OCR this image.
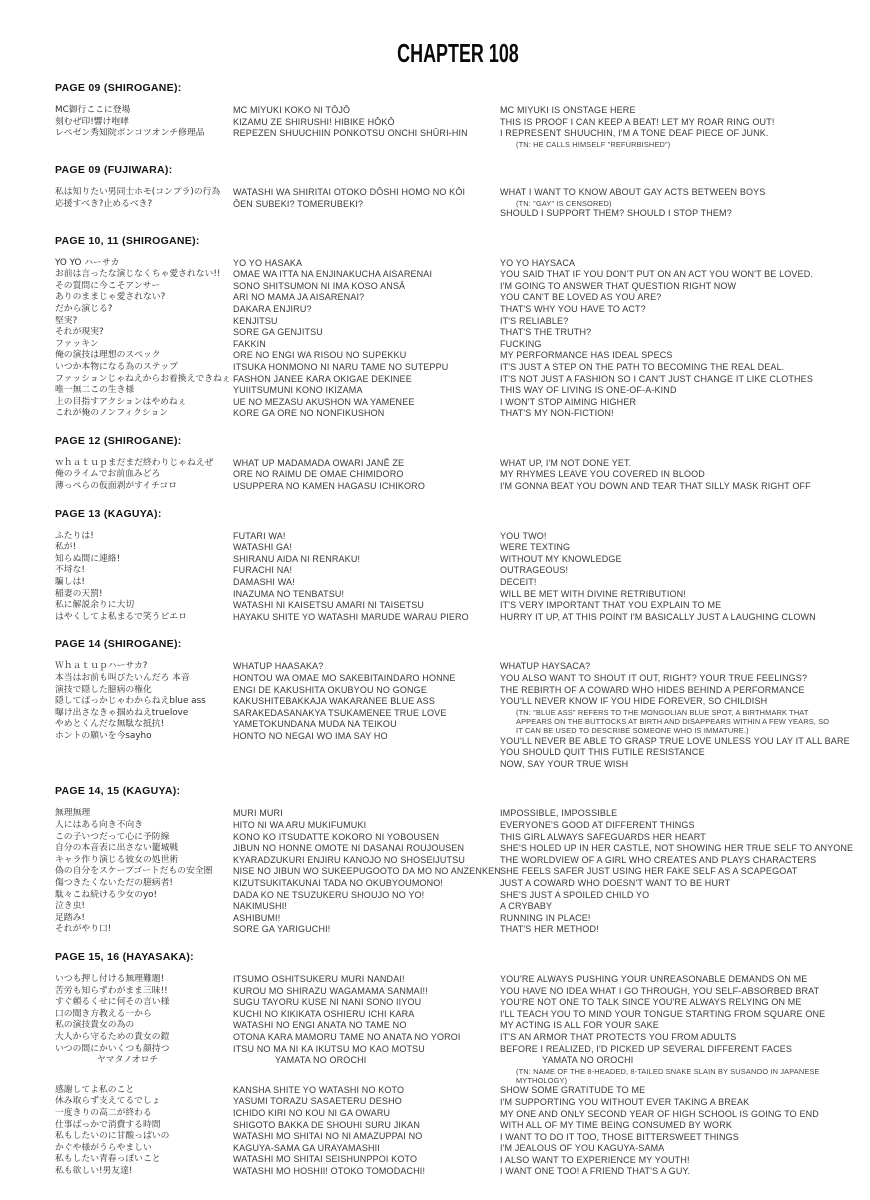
CHAPTER 108
PAGE 09 (SHIROGANE):
MC御行ここに登場
刻むぜ印!響け咆哮
レペゼン秀知院ポンコツオンチ修理品
MC MIYUKI KOKO NI TŌJŌ
KIZAMU ZE SHIRUSHI! HIBIKE HŌKŌ
REPEZEN SHUUCHIIN PONKOTSU ONCHI SHŪRI-HIN
MC MIYUKI IS ONSTAGE HERE
THIS IS PROOF I CAN KEEP A BEAT! LET MY ROAR RING OUT!
I REPRESENT SHUUCHIN, I'M A TONE DEAF PIECE OF JUNK.
(TN: HE CALLS HIMSELF "REFURBISHED")
PAGE 09 (FUJIWARA):
私は知りたい男同士ホモ(コンプラ)の行為
応援すべき?止めるべき?
WATASHI WA SHIRITAI OTOKO DŌSHI HOMO NO KŌI
ŌEN SUBEKI? TOMERUBEKI?
WHAT I WANT TO KNOW ABOUT GAY ACTS BETWEEN BOYS
(TN: "GAY" IS CENSORED)
SHOULD I SUPPORT THEM? SHOULD I STOP THEM?
PAGE 10, 11 (SHIROGANE):
YO YO ハーサカ
お前は言ったな演じなくちゃ愛されない!!
その質問に今こそアンサー
ありのままじゃ愛されない?
だから演じる?
堅実?
それが現実?
ファッキン
俺の演技は理想のスペック
いつか本物になる為のステップ
ファッションじゃねえからお着換えできねぇ
唯一無二この生き様
上の目指すアクションはやめねぇ
これが俺のノンフィクション
YO YO HASAKA
OMAE WA ITTA NA ENJINAKUCHA AISARENAI
SONO SHITSUMON NI IMA KOSO ANSĀ
ARI NO MAMA JA AISARENAI?
DAKARA ENJIRU?
KENJITSU
SORE GA GENJITSU
FAKKIN
ORE NO ENGI WA RISOU NO SUPEKKU
ITSUKA HONMONO NI NARU TAME NO SUTEPPU
FASHON JANEE KARA OKIGAE DEKINEE
YUIITSUMUNI KONO IKIZAMA
UE NO MEZASU AKUSHON WA YAMENEE
KORE GA ORE NO NONFIKUSHON
YO YO HAYSACA
YOU SAID THAT IF YOU DON'T PUT ON AN ACT YOU WON'T BE LOVED.
I'M GOING TO ANSWER THAT QUESTION RIGHT NOW
YOU CAN'T BE LOVED AS YOU ARE?
THAT'S WHY YOU HAVE TO ACT?
IT'S RELIABLE?
THAT'S THE TRUTH?
FUCKING
MY PERFORMANCE HAS IDEAL SPECS
IT'S JUST A STEP ON THE PATH TO BECOMING THE REAL DEAL.
IT'S NOT JUST A FASHION SO I CAN'T JUST CHANGE IT LIKE CLOTHES
THIS WAY OF LIVING IS ONE-OF-A-KIND
I WON'T STOP AIMING HIGHER
THAT'S MY NON-FICTION!
PAGE 12 (SHIROGANE):
ｗｈａｔｕｐまだまだ終わりじゃねえぜ
俺のライムでお前血みどろ
薄っぺらの仮面剥がすイチコロ
WHAT UP MADAMADA OWARI JANĒ ZE
ORE NO RAIMU DE OMAE CHIMIDORO
USUPPERA NO KAMEN HAGASU ICHIKORO
WHAT UP, I'M NOT DONE YET.
MY RHYMES LEAVE YOU COVERED IN BLOOD
I'M GONNA BEAT YOU DOWN AND TEAR THAT SILLY MASK RIGHT OFF
PAGE 13 (KAGUYA):
ふたりは!
私が!
知らぬ間に連絡!
不埒な!
騙しは!
稲妻の天罰!
私に解説余りに大切
はやくしてよ私まるで笑うピエロ
FUTARI WA!
WATASHI GA!
SHIRANU AIDA NI RENRAKU!
FURACHI NA!
DAMASHI WA!
INAZUMA NO TENBATSU!
WATASHI NI KAISETSU AMARI NI TAISETSU
HAYAKU SHITE YO WATASHI MARUDE WARAU PIERO
YOU TWO!
WERE TEXTING
WITHOUT MY KNOWLEDGE
OUTRAGEOUS!
DECEIT!
WILL BE MET WITH DIVINE RETRIBUTION!
IT'S VERY IMPORTANT THAT YOU EXPLAIN TO ME
HURRY IT UP, AT THIS POINT I'M BASICALLY JUST A LAUGHING CLOWN
PAGE 14 (SHIROGANE):
Ｗｈａｔｕｐハーサカ?
本当はお前も叫びたいんだろ 本音
演技で隠した臆病の権化
隠してばっかじゃわからねえblue ass
曝け出さなきゃ掴めねえtruelove
やめとくんだな無駄な抵抗!
ホントの願いを今sayho
WHATUP HAASAKA?
HONTOU WA OMAE MO SAKEBITAINDARO HONNE
ENGI DE KAKUSHITA OKUBYOU NO GONGE
KAKUSHITEBAKKAJA WAKARANEE BLUE ASS
SARAKEDASANAKYA TSUKAMENEE TRUE LOVE
YAMETOKUNDANA MUDA NA TEIKOU
HONTO NO NEGAI WO IMA SAY HO
WHATUP HAYSACA?
YOU ALSO WANT TO SHOUT IT OUT, RIGHT? YOUR TRUE FEELINGS?
THE REBIRTH OF A COWARD WHO HIDES BEHIND A PERFORMANCE
YOU'LL NEVER KNOW IF YOU HIDE FOREVER, SO CHILDISH
(TN: "BLUE ASS" REFERS TO THE MONGOLIAN BLUE SPOT, A BIRTHMARK THAT APPEARS ON THE BUTTOCKS AT BIRTH AND DISAPPEARS WITHIN A FEW YEARS, SO IT CAN BE USED TO DESCRIBE SOMEONE WHO IS IMMATURE.)
YOU'LL NEVER BE ABLE TO GRASP TRUE LOVE UNLESS YOU LAY IT ALL BARE
YOU SHOULD QUIT THIS FUTILE RESISTANCE
NOW, SAY YOUR TRUE WISH
PAGE 14, 15 (KAGUYA):
無理無理
人にはある向き不向き
この子いつだって心に予防線
自分の本音表に出さない籠城戦
キャラ作り演じる彼女の処世術
偽の自分をスケープゴートだもの安全圏
傷つきたくないただの臆病者!
駄々こね続ける少女のyo!
泣き虫!
足踏み!
それがやり口!
MURI MURI
HITO NI WA ARU MUKIFUMUKI
KONO KO ITSUDATTE KOKORO NI YOBOUSEN
JIBUN NO HONNE OMOTE NI DASANAI ROUJOUSEN
KYARADZUKURI ENJIRU KANOJO NO SHOSEIJUTSU
NISE NO JIBUN WO SUKEEPUGOOTO DA MO NO ANZENKEN
KIZUTSUKITAKUNAI TADA NO OKUBYOUMONO!
DADA KO NE TSUZUKERU SHOUJO NO YO!
NAKIMUSHI!
ASHIBUMI!
SORE GA YARIGUCHI!
IMPOSSIBLE, IMPOSSIBLE
EVERYONE'S GOOD AT DIFFERENT THINGS
THIS GIRL ALWAYS SAFEGUARDS HER HEART
SHE'S HOLED UP IN HER CASTLE, NOT SHOWING HER TRUE SELF TO ANYONE
THE WORLDVIEW OF A GIRL WHO CREATES AND PLAYS CHARACTERS
SHE FEELS SAFER JUST USING HER FAKE SELF AS A SCAPEGOAT
JUST A COWARD WHO DOESN'T WANT TO BE HURT
SHE'S JUST A SPOILED CHILD YO
A CRYBABY
RUNNING IN PLACE!
THAT'S HER METHOD!
PAGE 15, 16 (HAYASAKA):
いつも押し付ける無理難題!
苦労も知らずわがまま三昧!!
すぐ頼るくせに何その言い様
口の聞き方教える一から
私の演技貴女の為の
大人から守るための貴女の鎧
いつの間にかいくつも顔持つ
ヤマタノオロチ
感謝してよ私のこと
休み取らず支えてるでしょ
一度きりの高二が終わる
仕事ばっかで消費する時間
私もしたいのに甘酸っぱいの
かぐや様がうらやましい
私もしたい青春っぽいこと
私も欲しい!男友達!
ITSUMO OSHITSUKERU MURI NANDAI!
KUROU MO SHIRAZU WAGAMAMA SANMAI!!
SUGU TAYORU KUSE NI NANI SONO IIYOU
KUCHI NO KIKIKATA OSHIERU ICHI KARA
WATASHI NO ENGI ANATA NO TAME NO
OTONA KARA MAMORU TAME NO ANATA NO YOROI
ITSU NO MA NI KA IKUTSU MO KAO MOTSU
YAMATA NO OROCHI
KANSHA SHITE YO WATASHI NO KOTO
YASUMI TORAZU SASAETERU DESHO
ICHIDO KIRI NO KOU NI GA OWARU
SHIGOTO BAKKA DE SHOUHI SURU JIKAN
WATASHI MO SHITAI NO NI AMAZUPPAI NO
KAGUYA-SAMA GA URAYAMASHII
WATASHI MO SHITAI SEISHUNPPOI KOTO
WATASHI MO HOSHII! OTOKO TOMODACHI!
YOU'RE ALWAYS PUSHING YOUR UNREASONABLE DEMANDS ON ME
YOU HAVE NO IDEA WHAT I GO THROUGH, YOU SELF-ABSORBED BRAT
YOU'RE NOT ONE TO TALK SINCE YOU'RE ALWAYS RELYING ON ME
I'LL TEACH YOU TO MIND YOUR TONGUE STARTING FROM SQUARE ONE
MY ACTING IS ALL FOR YOUR SAKE
IT'S AN ARMOR THAT PROTECTS YOU FROM ADULTS
BEFORE I REALIZED, I'D PICKED UP SEVERAL DIFFERENT FACES
YAMATA NO OROCHI
(TN: NAME OF THE 8-HEADED, 8-TAILED SNAKE SLAIN BY SUSANOO IN JAPANESE MYTHOLOGY)
SHOW SOME GRATITUDE TO ME
I'M SUPPORTING YOU WITHOUT EVER TAKING A BREAK
MY ONE AND ONLY SECOND YEAR OF HIGH SCHOOL IS GOING TO END
WITH ALL OF MY TIME BEING CONSUMED BY WORK
I WANT TO DO IT TOO, THOSE BITTERSWEET THINGS
I'M JEALOUS OF YOU KAGUYA-SAMA
I ALSO WANT TO EXPERIENCE MY YOUTH!
I WANT ONE TOO! A FRIEND THAT'S A GUY.
